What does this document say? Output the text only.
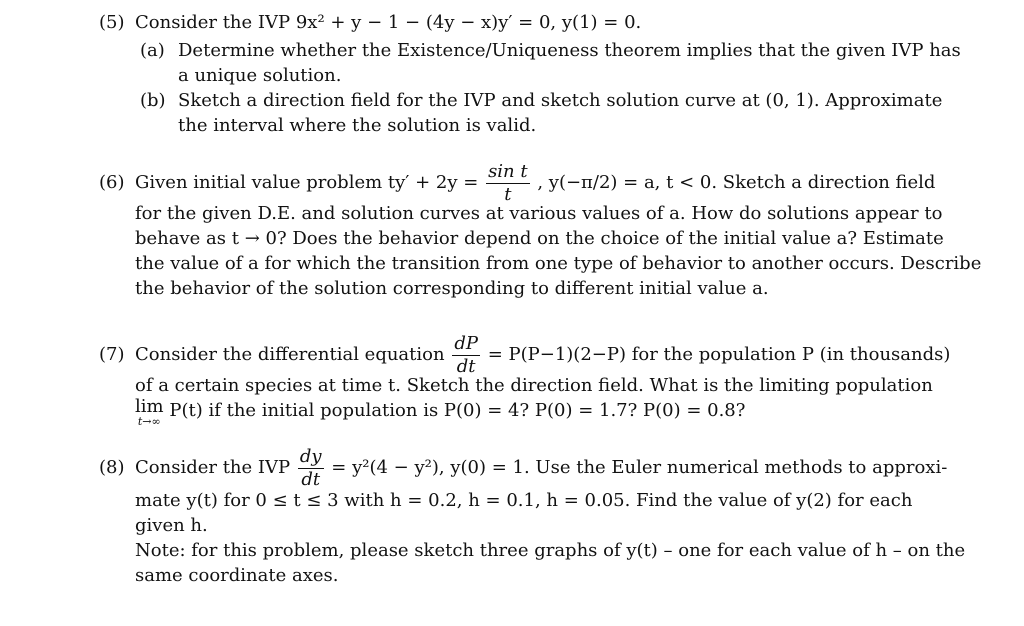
(5) Consider the IVP 9x² + y − 1 − (4y − x)y′ = 0, y(1) = 0.
(a) Determine whether the Existence/Uniqueness theorem implies that the given IVP has
a unique solution.
(b) Sketch a direction field for the IVP and sketch solution curve at (0, 1). Approximate
the interval where the solution is valid.
(6) Given initial value problem $ty' + 2y = \frac{\text{sin t}}{t}$ , y(−π/2) = a, t < 0. Sketch a direction field
for the given D.E. and solution curves at various values of a. How do solutions appear to
behave as t → 0? Does the behavior depend on the choice of the initial value a? Estimate
the value of a for which the transition from one type of behavior to another occurs. Describe
the behavior of the solution corresponding to different initial value a.
(7) Consider the differential equation $\frac{dP}{dt} = P(P-1)(2-P)$ for the population P (in thousands)
of a certain species at time t. Sketch the direction field. What is the limiting population
lim
t→∞
P(t) if the initial population is P(0) = 4? P(0) = 1.7? P(0) = 0.8?
(8) Consider the IVP $\frac{dy}{dt} = y^2(4 - y^2)$, y(0) = 1. Use the Euler numerical methods to approxi-
mate y(t) for 0 ≤ t ≤ 3 with h = 0.2, h = 0.1, h = 0.05. Find the value of y(2) for each
given h.
Note: for this problem, please sketch three graphs of y(t) – one for each value of h – on the
same coordinate axes.
